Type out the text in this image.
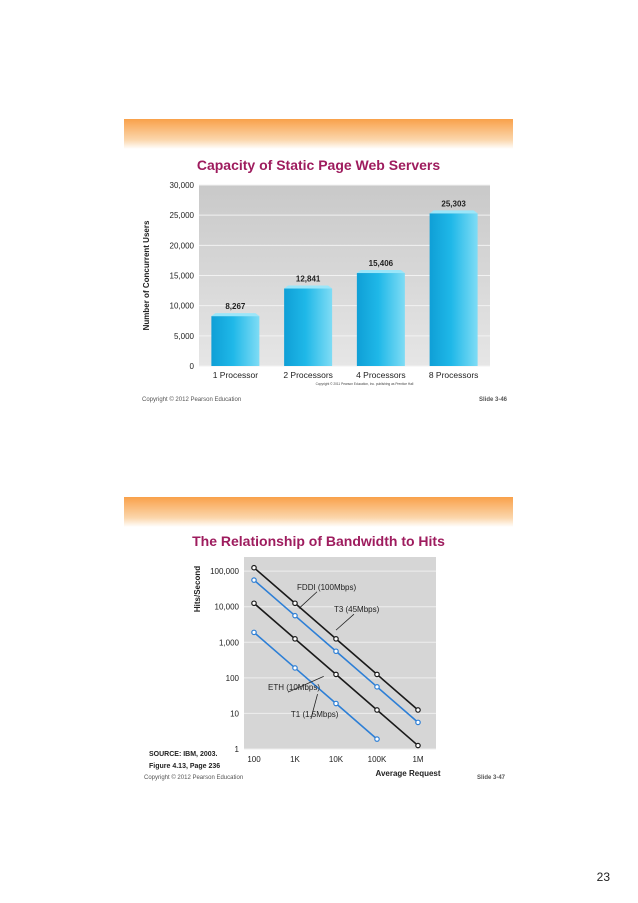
Capacity of Static Page Web Servers
0
5,000
10,000
15,000
20,000
25,000
30,000
Number of Concurrent Users	8,267
1 Processor
12,841
2 Processors
15,406
4 Processors
25,303
8 Processors
Copyright © 2011 Pearson Education, Inc. publishing as Prentice Hall
Copyright © 2012 Pearson Education	Slide 3-46
The Relationship of Bandwidth to Hits
1
10
100
1,000
10,000
100,000
100	1K	10K	100K	1M
Hits/Second
Average Request
FDDI (100Mbps)
T3 (45Mbps)
ETH (10Mbps)
T1 (1.5Mbps)
SOURCE: IBM, 2003.
Figure 4.13, Page 236
Copyright © 2012 Pearson Education	Slide 3-47
23
